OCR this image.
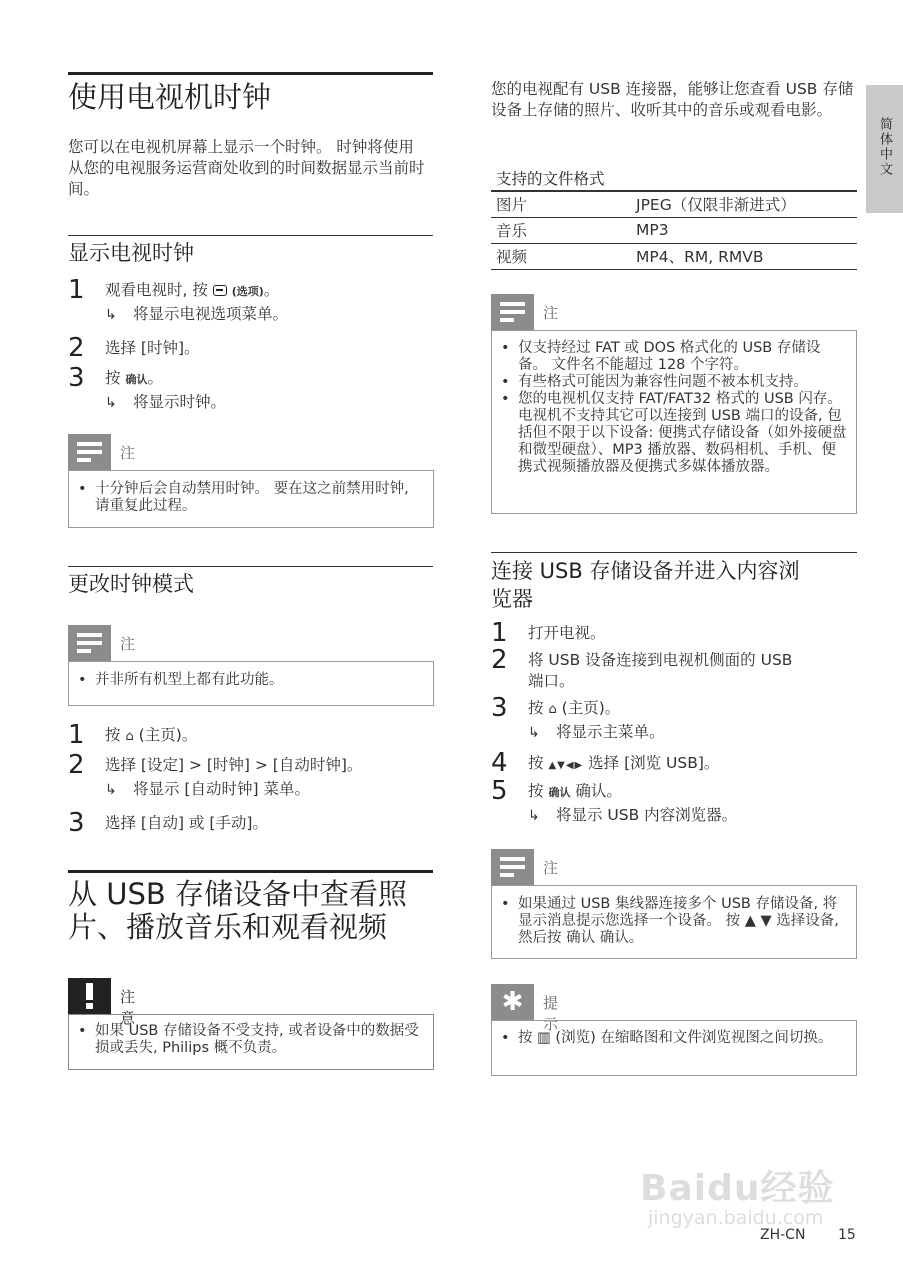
简体中文
使用电视机时钟
您可以在电视机屏幕上显示一个时钟。 时钟将使用从您的电视服务运营商处收到的时间数据显示当前时间。
显示电视时钟
1 观看电视时, 按 (选项)。
↳ 将显示电视选项菜单。
2 选择 [时钟]。
3 按 确认。
↳ 将显示时钟。
注
• 十分钟后会自动禁用时钟。 要在这之前禁用时钟, 请重复此过程。
更改时钟模式
注
• 并非所有机型上都有此功能。
1 按 ⌂ (主页)。
2 选择 [设定] > [时钟] > [自动时钟]。
↳ 将显示 [自动时钟] 菜单。
3 选择 [自动] 或 [手动]。
从 USB 存储设备中查看照
片、播放音乐和观看视频
注意
• 如果 USB 存储设备不受支持, 或者设备中的数据受损或丢失, Philips 概不负责。
您的电视配有 USB 连接器，能够让您查看 USB 存储设备上存储的照片、收听其中的音乐或观看电影。
支持的文件格式	
图片	JPEG（仅限非渐进式）
音乐	MP3
视频	MP4、RM, RMVB
注
• 仅支持经过 FAT 或 DOS 格式化的 USB 存储设备。 文件名不能超过 128 个字符。
• 有些格式可能因为兼容性问题不被本机支持。
• 您的电视机仅支持 FAT/FAT32 格式的 USB 闪存。电视机不支持其它可以连接到 USB 端口的设备, 包括但不限于以下设备: 便携式存储设备（如外接硬盘和微型硬盘）、MP3 播放器、数码相机、手机、便携式视频播放器及便携式多媒体播放器。
连接 USB 存储设备并进入内容浏
览器
1 打开电视。
2 将 USB 设备连接到电视机侧面的 USB
端口。
3 按 ⌂ (主页)。
↳ 将显示主菜单。
4 按 ▲▼◀▶ 选择 [浏览 USB]。
5 按 确认 确认。
↳ 将显示 USB 内容浏览器。
注
• 如果通过 USB 集线器连接多个 USB 存储设备, 将显示消息提示您选择一个设备。 按 ▲ ▼ 选择设备, 然后按 确认 确认。
✱	提示
• 按 ▥ (浏览) 在缩略图和文件浏览视图之间切换。
Baidu经验
jingyan.baidu.com
ZH-CN 15
